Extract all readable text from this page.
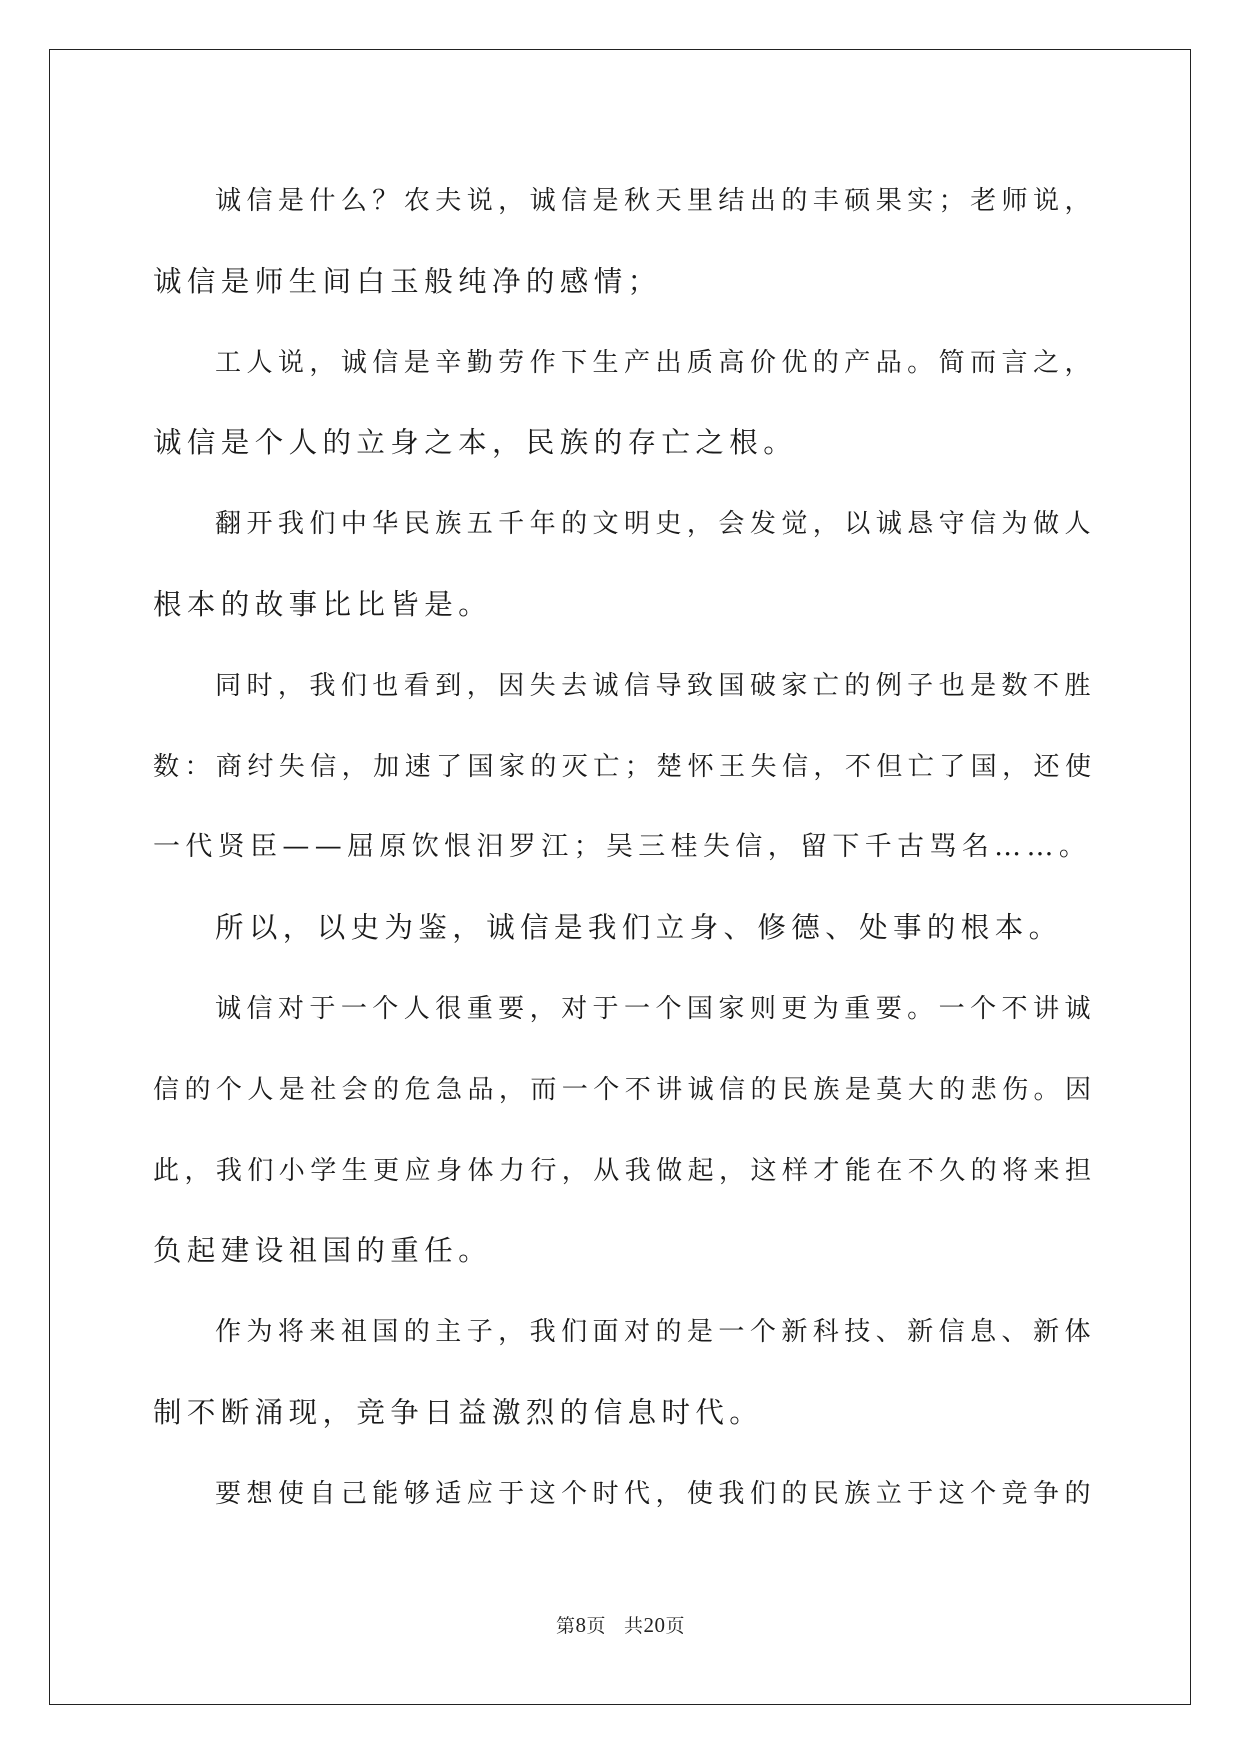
诚信是什么？农夫说，诚信是秋天里结出的丰硕果实；老师说，
诚信是师生间白玉般纯净的感情；
工人说，诚信是辛勤劳作下生产出质高价优的产品。简而言之，
诚信是个人的立身之本，民族的存亡之根。
翻开我们中华民族五千年的文明史，会发觉，以诚恳守信为做人
根本的故事比比皆是。
同时，我们也看到，因失去诚信导致国破家亡的例子也是数不胜
数：商纣失信，加速了国家的灭亡；楚怀王失信，不但亡了国，还使
一代贤臣——屈原饮恨汨罗江；吴三桂失信，留下千古骂名……。
所以，以史为鉴，诚信是我们立身、修德、处事的根本。
诚信对于一个人很重要，对于一个国家则更为重要。一个不讲诚
信的个人是社会的危急品，而一个不讲诚信的民族是莫大的悲伤。因
此，我们小学生更应身体力行，从我做起，这样才能在不久的将来担
负起建设祖国的重任。
作为将来祖国的主子，我们面对的是一个新科技、新信息、新体
制不断涌现，竞争日益激烈的信息时代。
要想使自己能够适应于这个时代，使我们的民族立于这个竞争的
第8页 共20页
